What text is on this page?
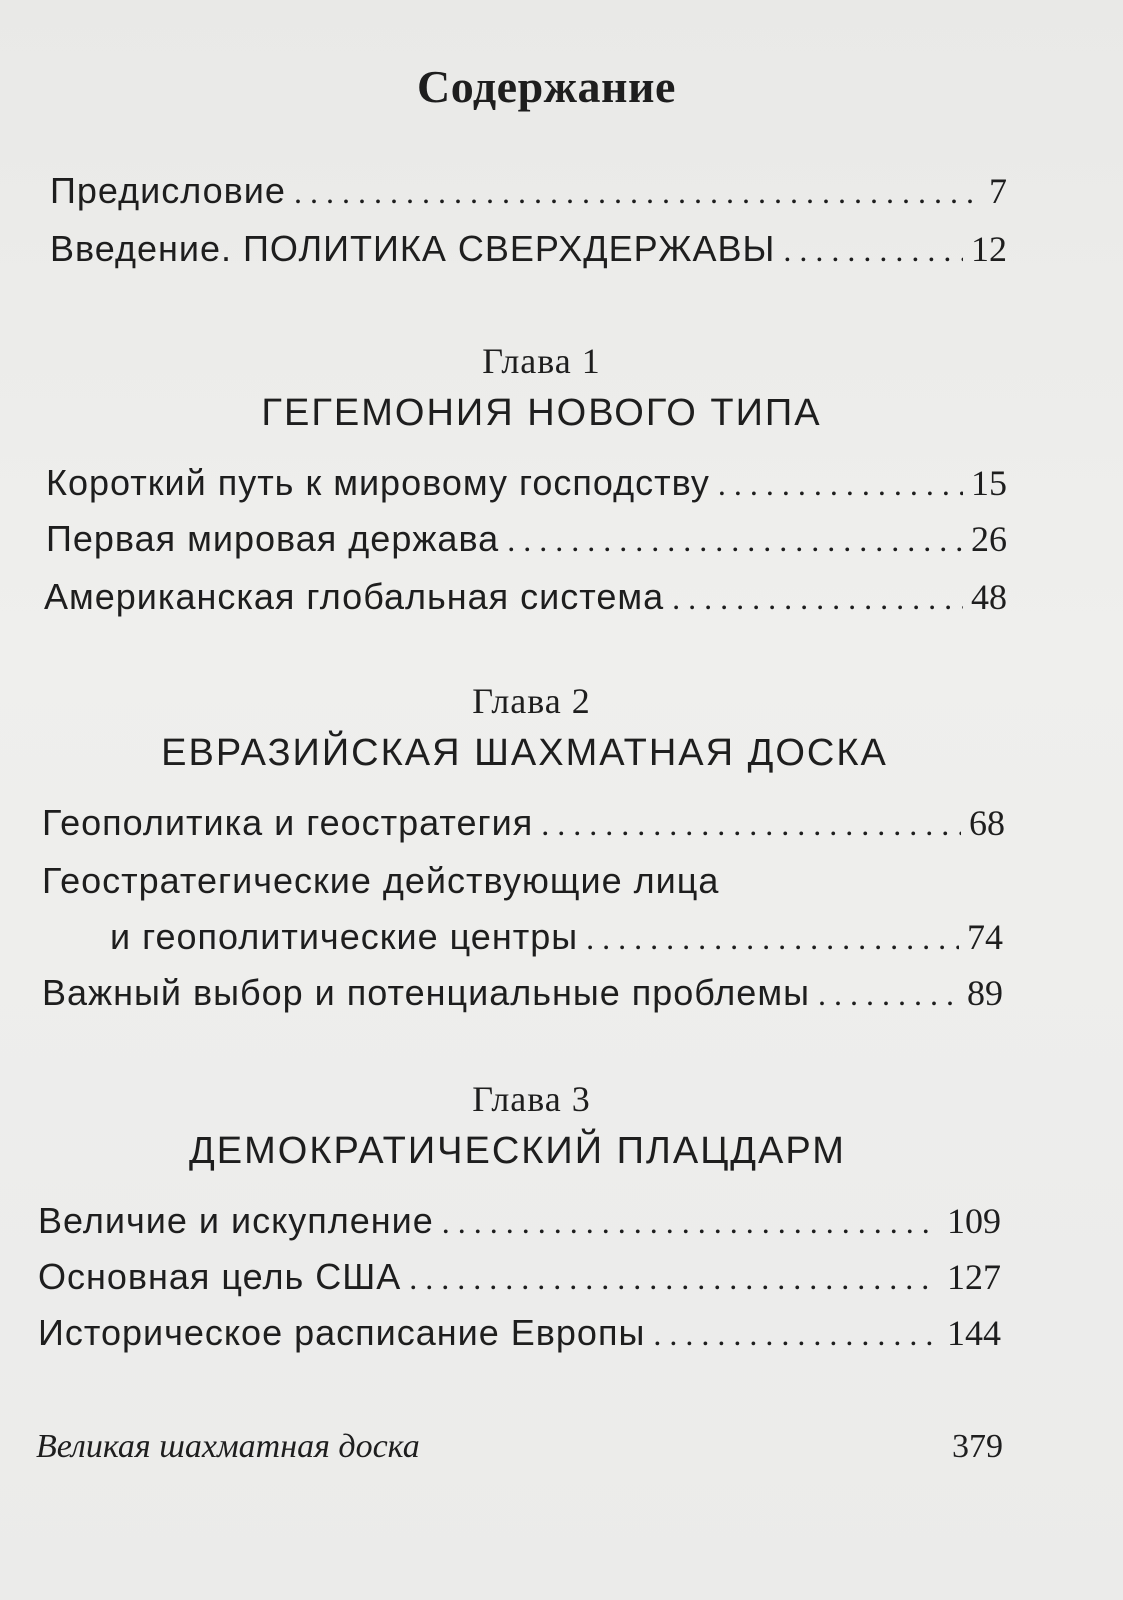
Содержание
Предисловие . . .	7
Введение. ПОЛИТИКА СВЕРХДЕРЖАВЫ . . .	12
Глава 1
ГЕГЕМОНИЯ НОВОГО ТИПА
Короткий путь к мировому господству . . .	15
Первая мировая держава . . .	26
Американская глобальная система . . .	48
Глава 2
ЕВРАЗИЙСКАЯ ШАХМАТНАЯ ДОСКА
Геополитика и геостратегия . . .	68
Геостратегические действующие лица
и геополитические центры . . .	74
Важный выбор и потенциальные проблемы . . .	89
Глава 3
ДЕМОКРАТИЧЕСКИЙ ПЛАЦДАРМ
Величие и искупление . . .	109
Основная цель США . . .	127
Историческое расписание Европы . . .	144
Великая шахматная доска	379
